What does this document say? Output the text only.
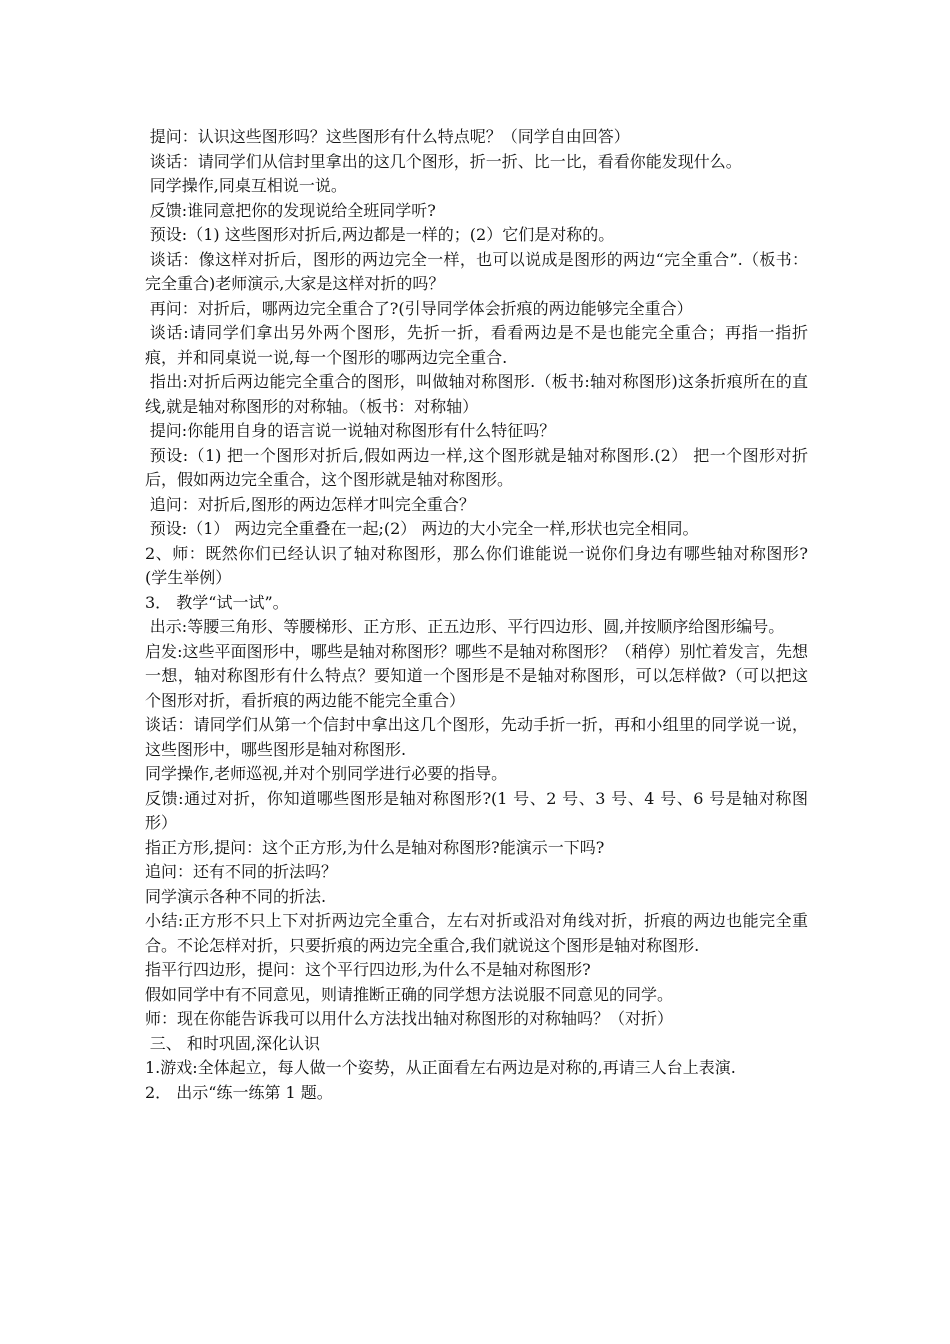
提问：认识这些图形吗？这些图形有什么特点呢？（同学自由回答）

谈话：请同学们从信封里拿出的这几个图形，折一折、比一比，看看你能发现什么。

同学操作,同桌互相说一说。

反馈:谁同意把你的发现说给全班同学听?

预设:（1) 这些图形对折后,两边都是一样的；(2）它们是对称的。

谈话：像这样对折后，图形的两边完全一样，也可以说成是图形的两边“完全重合”.（板书：完全重合)老师演示,大家是这样对折的吗？

再问：对折后，哪两边完全重合了?(引导同学体会折痕的两边能够完全重合）

谈话:请同学们拿出另外两个图形，先折一折，看看两边是不是也能完全重合；再指一指折痕，并和同桌说一说,每一个图形的哪两边完全重合.

指出:对折后两边能完全重合的图形，叫做轴对称图形.（板书:轴对称图形)这条折痕所在的直线,就是轴对称图形的对称轴。（板书：对称轴）

提问:你能用自身的语言说一说轴对称图形有什么特征吗？

预设:（1) 把一个图形对折后,假如两边一样,这个图形就是轴对称图形.(2） 把一个图形对折后，假如两边完全重合，这个图形就是轴对称图形。

追问：对折后,图形的两边怎样才叫完全重合？

预设:（1） 两边完全重叠在一起;(2） 两边的大小完全一样,形状也完全相同。

2、师：既然你们已经认识了轴对称图形，那么你们谁能说一说你们身边有哪些轴对称图形?(学生举例）

3． 教学“试一试”。

出示:等腰三角形、等腰梯形、正方形、正五边形、平行四边形、圆,并按顺序给图形编号。

启发:这些平面图形中，哪些是轴对称图形？哪些不是轴对称图形？（稍停）别忙着发言，先想一想，轴对称图形有什么特点？要知道一个图形是不是轴对称图形，可以怎样做?（可以把这个图形对折，看折痕的两边能不能完全重合）

谈话：请同学们从第一个信封中拿出这几个图形，先动手折一折，再和小组里的同学说一说，这些图形中，哪些图形是轴对称图形.

同学操作,老师巡视,并对个别同学进行必要的指导。

反馈:通过对折，你知道哪些图形是轴对称图形?(1 号、2 号、3 号、4 号、6 号是轴对称图形）

指正方形,提问：这个正方形,为什么是轴对称图形?能演示一下吗?

追问：还有不同的折法吗？

同学演示各种不同的折法.

小结:正方形不只上下对折两边完全重合，左右对折或沿对角线对折，折痕的两边也能完全重合。不论怎样对折，只要折痕的两边完全重合,我们就说这个图形是轴对称图形.

指平行四边形，提问：这个平行四边形,为什么不是轴对称图形?

假如同学中有不同意见，则请推断正确的同学想方法说服不同意见的同学。

师：现在你能告诉我可以用什么方法找出轴对称图形的对称轴吗？（对折）

三、 和时巩固,深化认识

1.游戏:全体起立，每人做一个姿势，从正面看左右两边是对称的,再请三人台上表演.

2． 出示“练一练第 1 题。
